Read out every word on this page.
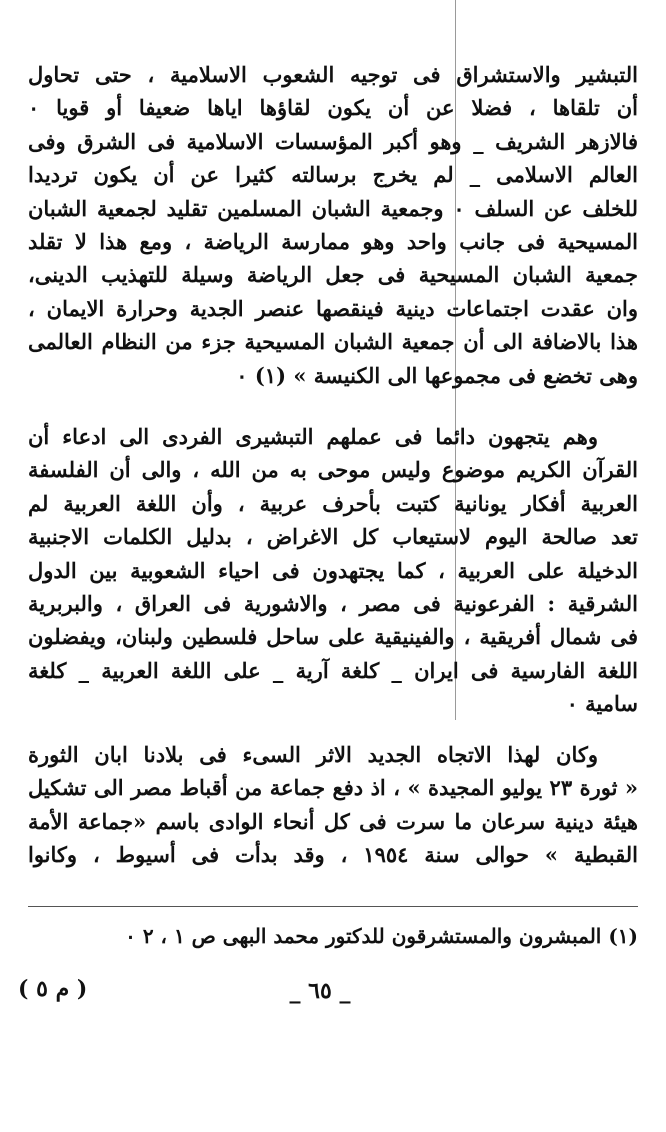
التبشير والاستشراق فى توجيه الشعوب الاسلامية ، حتى تحاول
أن تلقاها ، فضلا عن أن يكون لقاؤها اياها ضعيفا أو قويا ٠
فالازهر الشريف _ وهو أكبر المؤسسات الاسلامية فى الشرق وفى
العالم الاسلامى _ لم يخرج برسالته كثيرا عن أن يكون ترديدا
للخلف عن السلف ٠ وجمعية الشبان المسلمين تقليد لجمعية الشبان
المسيحية فى جانب واحد وهو ممارسة الرياضة ، ومع هذا لا تقلد
جمعية الشبان المسيحية فى جعل الرياضة وسيلة للتهذيب الدينى،
وان عقدت اجتماعات دينية فينقصها عنصر الجدية وحرارة الايمان ،
هذا بالاضافة الى أن جمعية الشبان المسيحية جزء من النظام العالمى
وهى تخضع فى مجموعها الى الكنيسة » (١) ٠
وهم يتجهون دائما فى عملهم التبشيرى الفردى الى ادعاء أن
القرآن الكريم موضوع وليس موحى به من الله ، والى أن الفلسفة
العربية أفكار يونانية كتبت بأحرف عربية ، وأن اللغة العربية لم
تعد صالحة اليوم لاستيعاب كل الاغراض ، بدليل الكلمات الاجنبية
الدخيلة على العربية ، كما يجتهدون فى احياء الشعوبية بين الدول
الشرقية : الفرعونية فى مصر ، والاشورية فى العراق ، والبربرية
فى شمال أفريقية ، والفينيقية على ساحل فلسطين ولبنان، ويفضلون
اللغة الفارسية فى ايران _ كلغة آرية _ على اللغة العربية _ كلغة
سامية ٠
وكان لهذا الاتجاه الجديد الاثر السىء فى بلادنا ابان الثورة
« ثورة ٢٣ يوليو المجيدة » ، اذ دفع جماعة من أقباط مصر الى تشكيل
هيئة دينية سرعان ما سرت فى كل أنحاء الوادى باسم «جماعة الأمة
القبطية » حوالى سنة ١٩٥٤ ، وقد بدأت فى أسيوط ، وكانوا
(١) المبشرون والمستشرقون للدكتور محمد البهى ص ١ ، ٢ ٠
_ ٦٥ _
( م ٥ )
